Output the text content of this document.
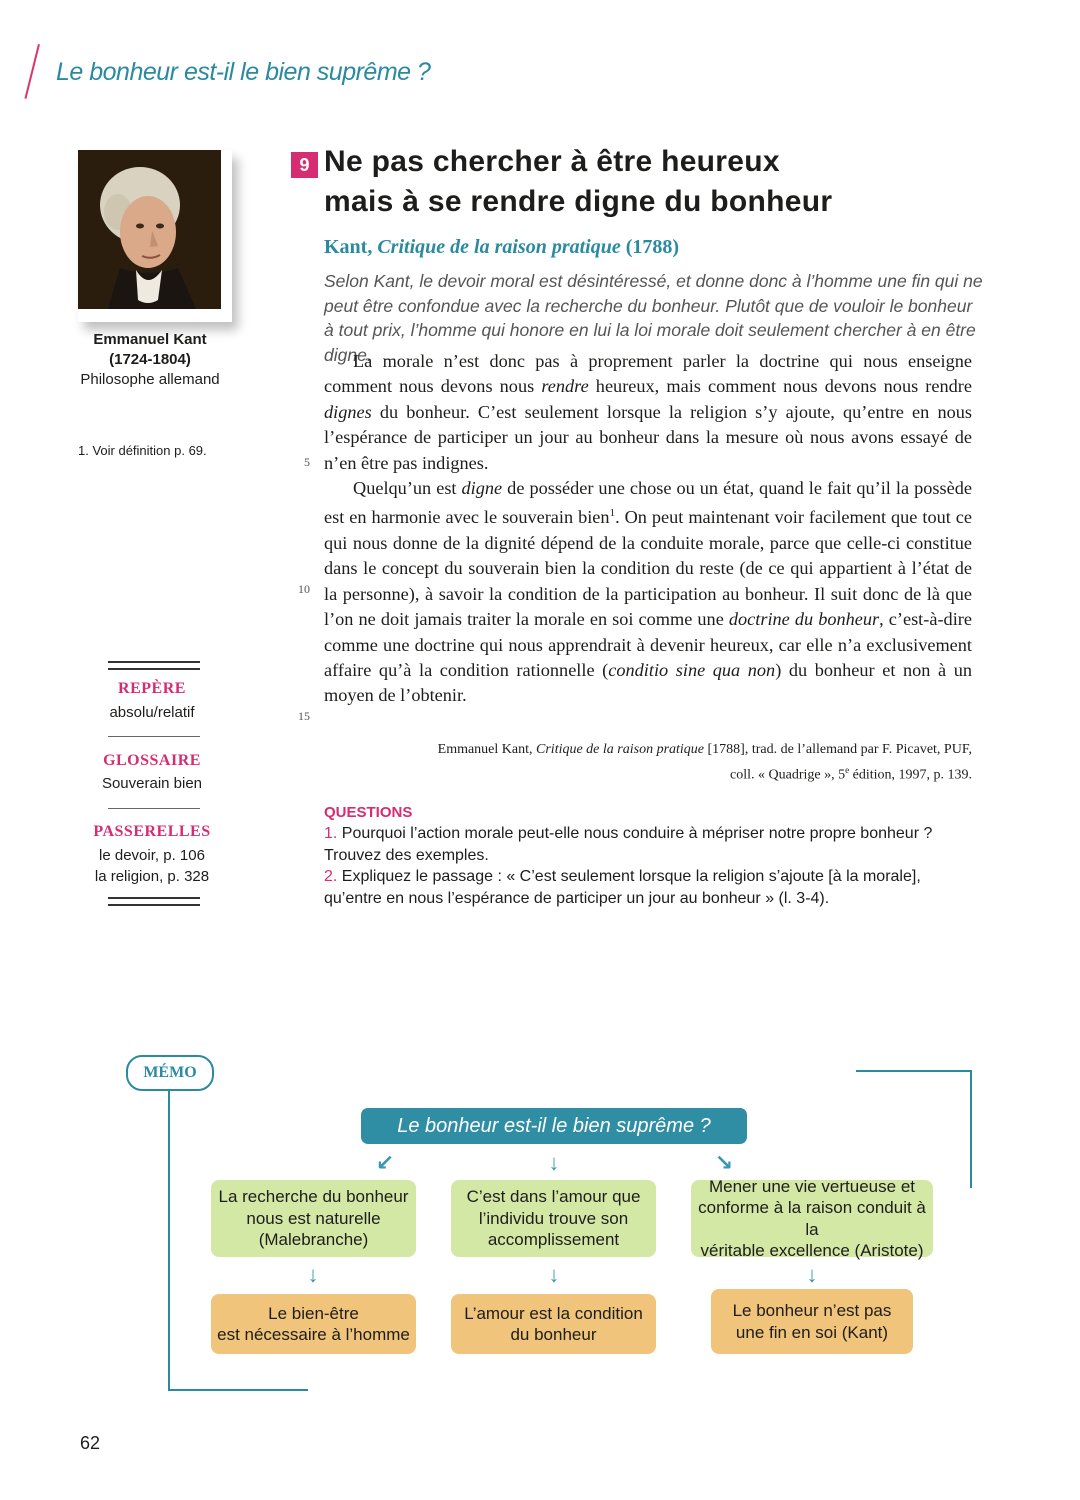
Le bonheur est-il le bien suprême ?
Emmanuel Kant
(1724-1804)
Philosophe allemand
1. Voir définition p. 69.
REPÈRE
absolu/relatif
GLOSSAIRE
Souverain bien
PASSERELLES
le devoir, p. 106
la religion, p. 328
9 Ne pas chercher à être heureux
mais à se rendre digne du bonheur
Kant, Critique de la raison pratique (1788)
Selon Kant, le devoir moral est désintéressé, et donne donc à l’homme une fin qui ne peut être confondue avec la recherche du bonheur. Plutôt que de vouloir le bonheur à tout prix, l’homme qui honore en lui la loi morale doit seulement chercher à en être digne.

La morale n’est donc pas à proprement parler la doctrine qui nous enseigne comment nous devons nous rendre heureux, mais comment nous devons nous rendre dignes du bonheur. C’est seulement lorsque la religion s’y ajoute, qu’entre en nous l’espérance de participer un jour au bonheur dans la mesure où nous avons essayé de n’en être pas indignes.

Quelqu’un est digne de posséder une chose ou un état, quand le fait qu’il la possède est en harmonie avec le souverain bien$^1$. On peut maintenant voir facilement que tout ce qui nous donne de la dignité dépend de la conduite morale, parce que celle-ci constitue dans le concept du souverain bien la condition du reste (de ce qui appartient à l’état de la personne), à savoir la condition de la participation au bonheur. Il suit donc de là que l’on ne doit jamais traiter la morale en soi comme une doctrine du bonheur, c’est-à-dire comme une doctrine qui nous apprendrait à devenir heureux, car elle n’a exclusivement affaire qu’à la condition rationnelle (conditio sine qua non) du bonheur et non à un moyen de l’obtenir.

5
10
15
Emmanuel Kant, Critique de la raison pratique [1788], trad. de l’allemand par F. Picavet, PUF,
coll. « Quadrige », 5e édition, 1997, p. 139.
QUESTIONS
1. Pourquoi l’action morale peut-elle nous conduire à mépriser notre propre bonheur ? Trouvez des exemples.
2. Expliquez le passage : « C’est seulement lorsque la religion s’ajoute [à la morale], qu’entre en nous l’espérance de participer un jour au bonheur » (l. 3-4).
MÉMO
Le bonheur est-il le bien suprême ?
↙	↓	↘
La recherche du bonheur
nous est naturelle
(Malebranche)
C’est dans l’amour que
l’individu trouve son
accomplissement
Mener une vie vertueuse et
conforme à la raison conduit à la
véritable excellence (Aristote)
↓	↓	↓
Le bien-être
est nécessaire à l’homme
L’amour est la condition
du bonheur
Le bonheur n’est pas
une fin en soi (Kant)
62
